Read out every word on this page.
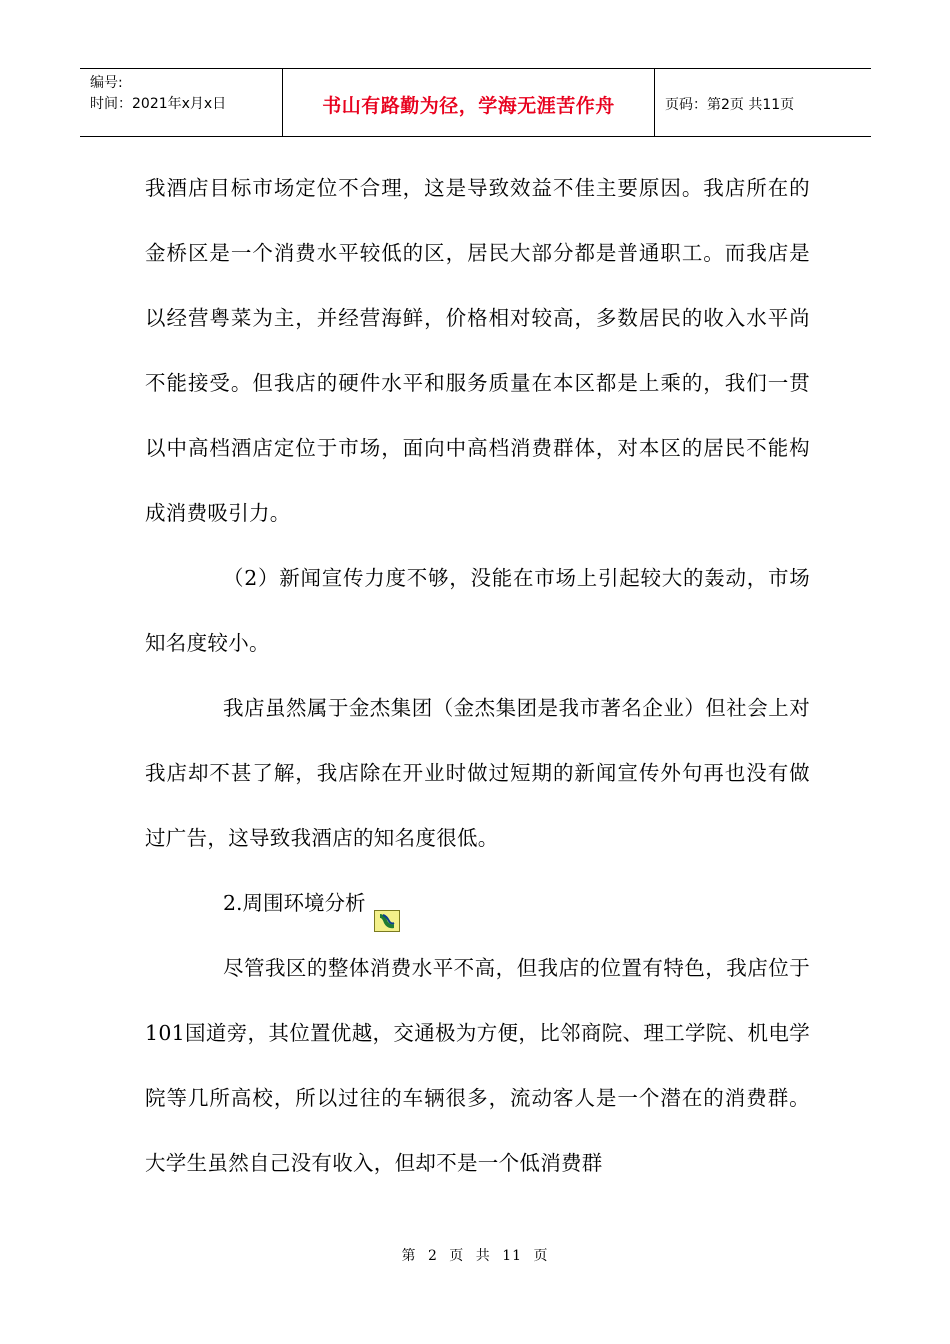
编号:
时间：2021年x月x日	书山有路勤为径，学海无涯苦作舟	页码：第2页 共11页

我酒店目标市场定位不合理，这是导致效益不佳主要原因。我店所在的金桥区是一个消费水平较低的区，居民大部分都是普通职工。而我店是以经营粤菜为主，并经营海鲜，价格相对较高，多数居民的收入水平尚不能接受。但我店的硬件水平和服务质量在本区都是上乘的，我们一贯以中高档酒店定位于市场，面向中高档消费群体，对本区的居民不能构成消费吸引力。

（2）新闻宣传力度不够，没能在市场上引起较大的轰动，市场知名度较小。

我店虽然属于金杰集团（金杰集团是我市著名企业）但社会上对我店却不甚了解，我店除在开业时做过短期的新闻宣传外句再也没有做过广告，这导致我酒店的知名度很低。

2.周围环境分析

尽管我区的整体消费水平不高，但我店的位置有特色，我店位于101国道旁，其位置优越，交通极为方便，比邻商院、理工学院、机电学院等几所高校，所以过往的车辆很多，流动客人是一个潜在的消费群。大学生虽然自己没有收入，但却不是一个低消费群

第 2 页 共 11 页
